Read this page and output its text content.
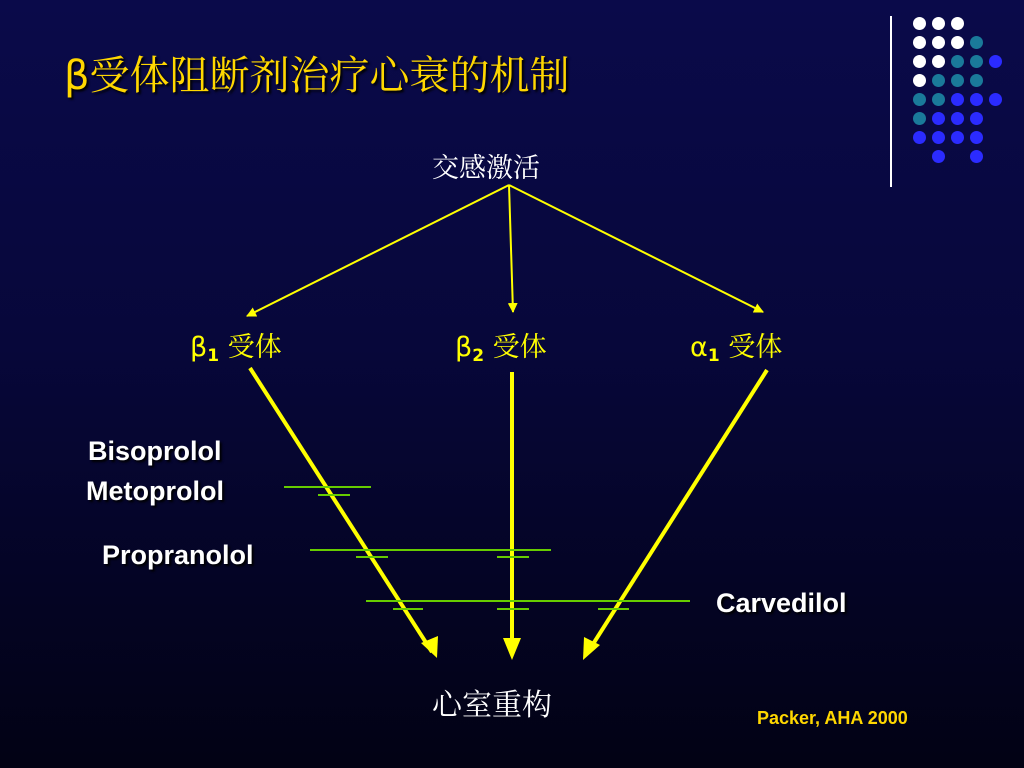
β受体阻断剂治疗心衰的机制
交感激活
$\beta_1$ 受体	$\beta_2$ 受体	$\alpha_1$ 受体
Bisoprolol
Metoprolol
Propranolol
Carvedilol
心室重构	Packer, AHA 2000
